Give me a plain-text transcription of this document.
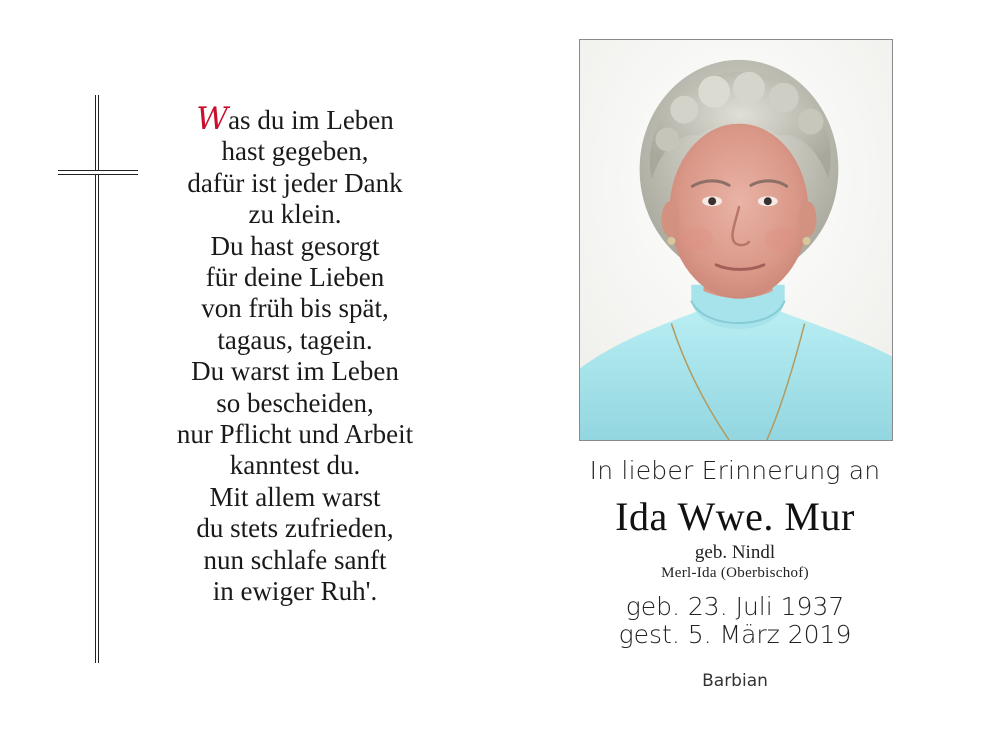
Was du im Leben
hast gegeben,
dafür ist jeder Dank
zu klein.
Du hast gesorgt
für deine Lieben
von früh bis spät,
tagaus, tagein.
Du warst im Leben
so bescheiden,
nur Pflicht und Arbeit
kanntest du.
Mit allem warst
du stets zufrieden,
nun schlafe sanft
in ewiger Ruh'.
In lieber Erinnerung an
Ida Wwe. Mur
geb. Nindl
Merl-Ida (Oberbischof)
geb. 23. Juli 1937
gest. 5. März 2019
Barbian
